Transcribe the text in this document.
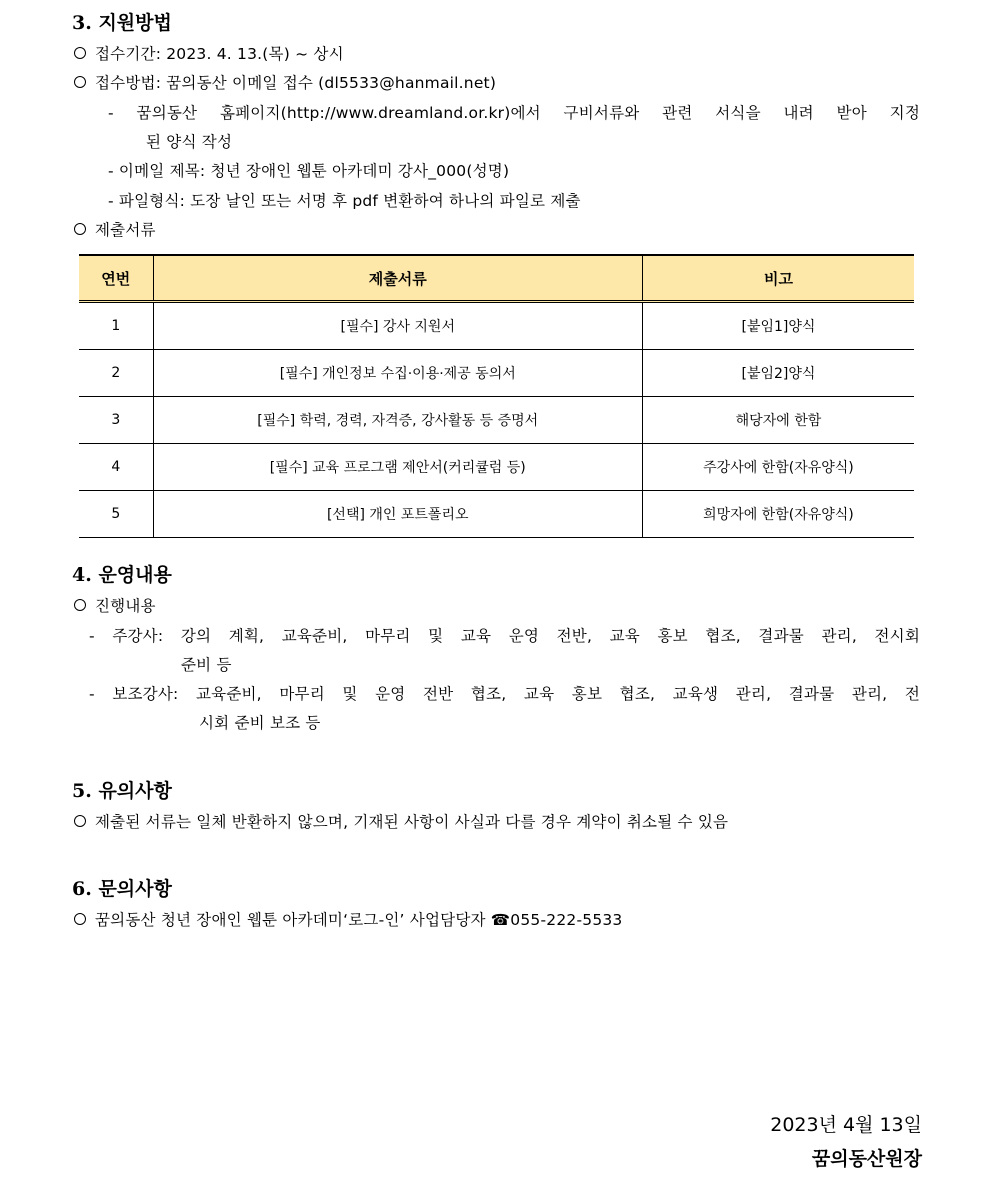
3. 지원방법
접수기간: 2023. 4. 13.(목) ~ 상시
접수방법: 꿈의동산 이메일 접수 (dl5533@hanmail.net)
- 꿈의동산 홈페이지(http://www.dreamland.or.kr)에서 구비서류와 관련 서식을 내려 받아 지정
된 양식 작성
- 이메일 제목: 청년 장애인 웹툰 아카데미 강사_000(성명)
- 파일형식: 도장 날인 또는 서명 후 pdf 변환하여 하나의 파일로 제출
제출서류
연번	제출서류	비고
1	[필수] 강사 지원서	[붙임1]양식
2	[필수] 개인정보 수집·이용·제공 동의서	[붙임2]양식
3	[필수] 학력, 경력, 자격증, 강사활동 등 증명서	해당자에 한함
4	[필수] 교육 프로그램 제안서(커리큘럼 등)	주강사에 한함(자유양식)
5	[선택] 개인 포트폴리오	희망자에 한함(자유양식)
4. 운영내용
진행내용
- 주강사: 강의 계획, 교육준비, 마무리 및 교육 운영 전반, 교육 홍보 협조, 결과물 관리, 전시회
준비 등
- 보조강사: 교육준비, 마무리 및 운영 전반 협조, 교육 홍보 협조, 교육생 관리, 결과물 관리, 전
시회 준비 보조 등
5. 유의사항
제출된 서류는 일체 반환하지 않으며, 기재된 사항이 사실과 다를 경우 계약이 취소될 수 있음
6. 문의사항
꿈의동산 청년 장애인 웹툰 아카데미‘로그-인’ 사업담당자 ☎055-222-5533
2023년 4월 13일
꿈의동산원장
